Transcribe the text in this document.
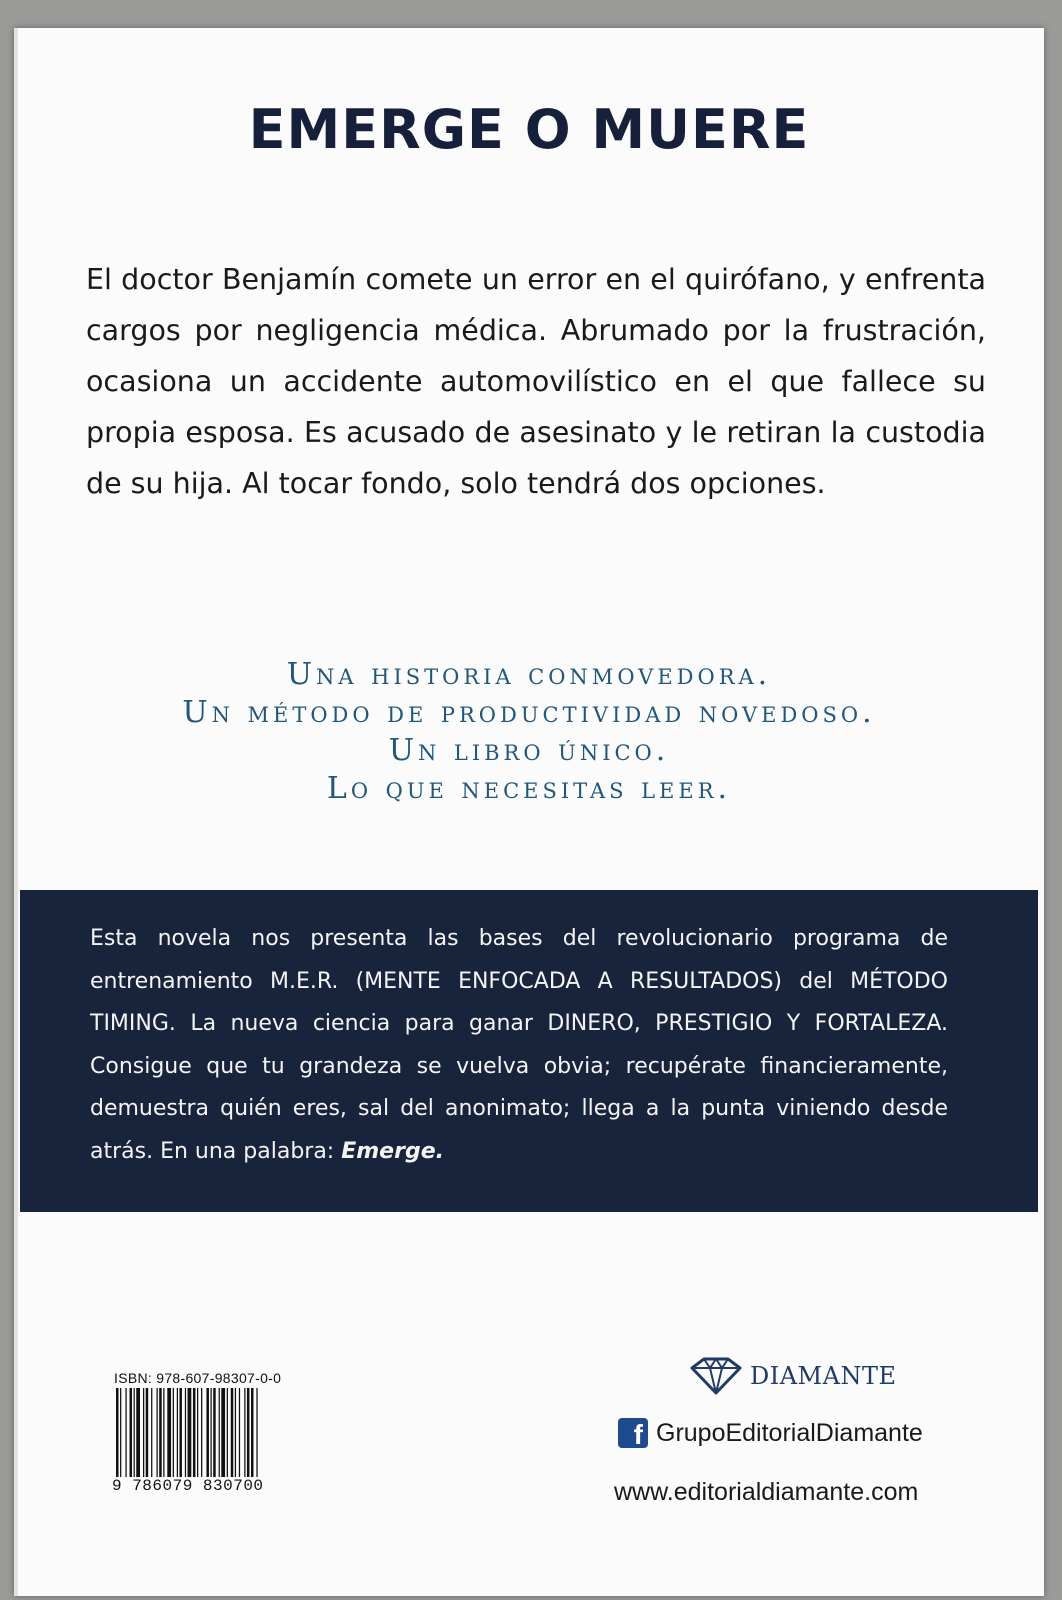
EMERGE O MUERE

El doctor Benjamín comete un error en el quirófano, y enfrenta cargos por negligencia médica. Abrumado por la frustración, ocasiona un accidente automovilístico en el que fallece su propia esposa. Es acusado de asesinato y le retiran la custodia de su hija. Al tocar fondo, solo tendrá dos opciones.

Una historia conmovedora.
Un método de productividad novedoso.
Un libro único.
Lo que necesitas leer.

Esta novela nos presenta las bases del revolucionario programa de entrenamiento M.E.R. (MENTE ENFOCADA A RESULTADOS) del MÉTODO TIMING. La nueva ciencia para ganar DINERO, PRESTIGIO Y FORTALEZA. Consigue que tu grandeza se vuelva obvia; recupérate financieramente, demuestra quién eres, sal del anonimato; llega a la punta viniendo desde atrás. En una palabra: Emerge.

ISBN: 978-607-98307-0-0
9 786079 830700
DIAMANTE
f GrupoEditorialDiamante
www.editorialdiamante.com
